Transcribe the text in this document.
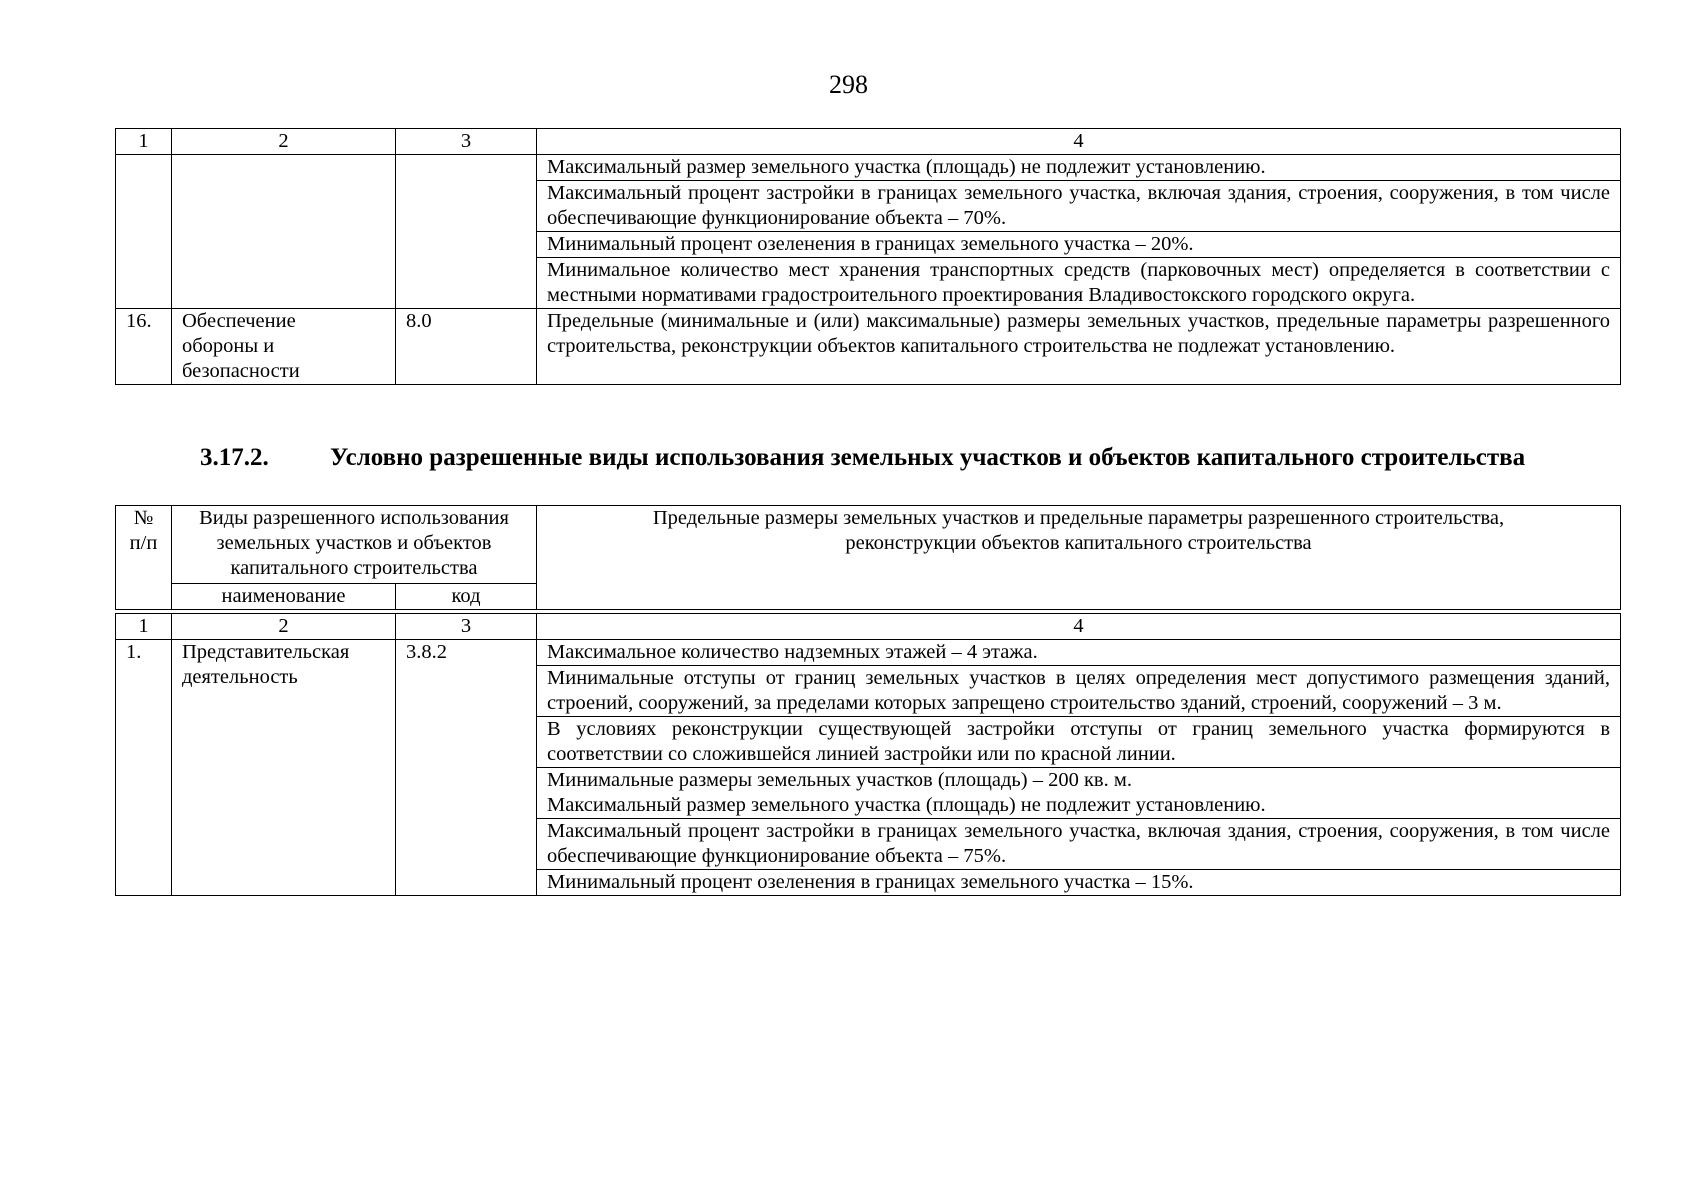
298
1	2	3	4
			Максимальный размер земельного участка (площадь) не подлежит установлению.
			Максимальный процент застройки в границах земельного участка, включая здания, строения, сооружения, в том числе обеспечивающие функционирование объекта – 70%.
			Минимальный процент озеленения в границах земельного участка – 20%.
			Минимальное количество мест хранения транспортных средств (парковочных мест) определяется в соответствии с местными нормативами градостроительного проектирования Владивостокского городского округа.
16.	Обеспечение обороны и безопасности	8.0	Предельные (минимальные и (или) максимальные) размеры земельных участков, предельные параметры разрешенного строительства, реконструкции объектов капитального строительства не подлежат установлению.
3.17.2. Условно разрешенные виды использования земельных участков и объектов капитального строительства
№ п/п	Виды разрешенного использования земельных участков и объектов капитального строительства		Предельные размеры земельных участков и предельные параметры разрешенного строительства, реконструкции объектов капитального строительства
	наименование	код	
1	2	3	4
1.	Представительская деятельность	3.8.2	Максимальное количество надземных этажей – 4 этажа.
			Минимальные отступы от границ земельных участков в целях определения мест допустимого размещения зданий, строений, сооружений, за пределами которых запрещено строительство зданий, строений, сооружений – 3 м.
			В условиях реконструкции существующей застройки отступы от границ земельного участка формируются в соответствии со сложившейся линией застройки или по красной линии.

			Минимальные размеры земельных участков (площадь) – 200 кв. м.
Максимальный размер земельного участка (площадь) не подлежит установлению.

			Максимальный процент застройки в границах земельного участка, включая здания, строения, сооружения, в том числе обеспечивающие функционирование объекта – 75%.
			Минимальный процент озеленения в границах земельного участка – 15%.
